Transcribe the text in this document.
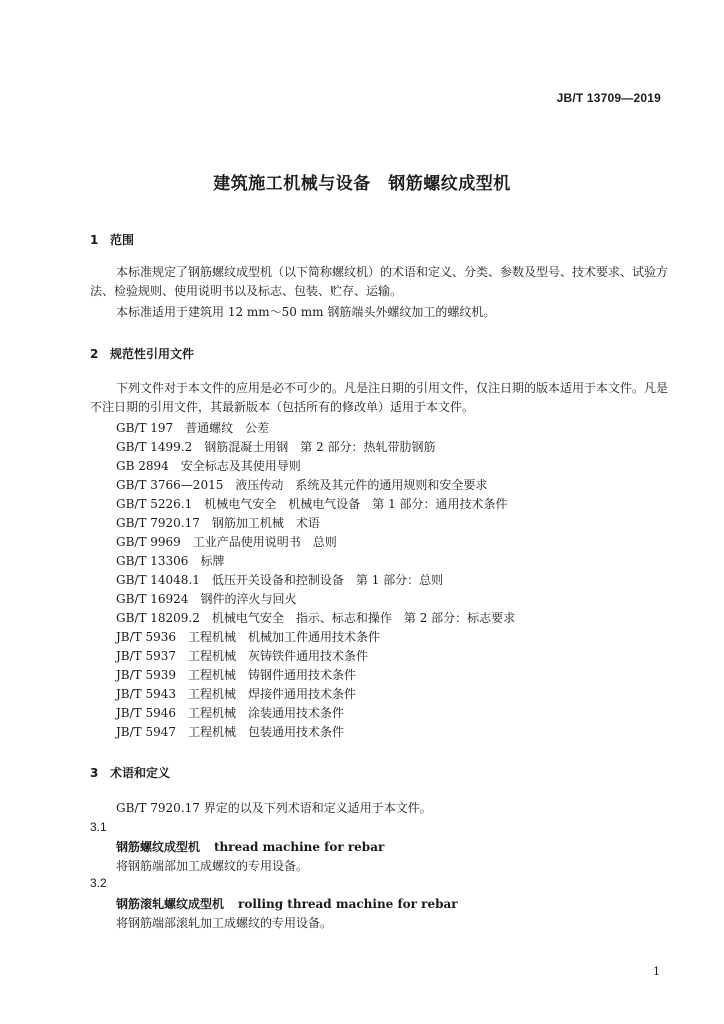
JB/T 13709—2019
建筑施工机械与设备　钢筋螺纹成型机
1 范围
本标准规定了钢筋螺纹成型机（以下简称螺纹机）的术语和定义、分类、参数及型号、技术要求、试验方法、检验规则、使用说明书以及标志、包装、贮存、运输。
本标准适用于建筑用 12 mm～50 mm 钢筋端头外螺纹加工的螺纹机。
2 规范性引用文件
下列文件对于本文件的应用是必不可少的。凡是注日期的引用文件，仅注日期的版本适用于本文件。凡是不注日期的引用文件，其最新版本（包括所有的修改单）适用于本文件。
GB/T 197　普通螺纹　公差
GB/T 1499.2　钢筋混凝土用钢　第 2 部分：热轧带肋钢筋
GB 2894　安全标志及其使用导则
GB/T 3766—2015　液压传动　系统及其元件的通用规则和安全要求
GB/T 5226.1　机械电气安全　机械电气设备　第 1 部分：通用技术条件
GB/T 7920.17　钢筋加工机械　术语
GB/T 9969　工业产品使用说明书　总则
GB/T 13306　标牌
GB/T 14048.1　低压开关设备和控制设备　第 1 部分：总则
GB/T 16924　钢件的淬火与回火
GB/T 18209.2　机械电气安全　指示、标志和操作　第 2 部分：标志要求
JB/T 5936　工程机械　机械加工件通用技术条件
JB/T 5937　工程机械　灰铸铁件通用技术条件
JB/T 5939　工程机械　铸钢件通用技术条件
JB/T 5943　工程机械　焊接件通用技术条件
JB/T 5946　工程机械　涂装通用技术条件
JB/T 5947　工程机械　包装通用技术条件
3 术语和定义
GB/T 7920.17 界定的以及下列术语和定义适用于本文件。
3.1
钢筋螺纹成型机 thread machine for rebar
将钢筋端部加工成螺纹的专用设备。
3.2
钢筋滚轧螺纹成型机 rolling thread machine for rebar
将钢筋端部滚轧加工成螺纹的专用设备。
1
